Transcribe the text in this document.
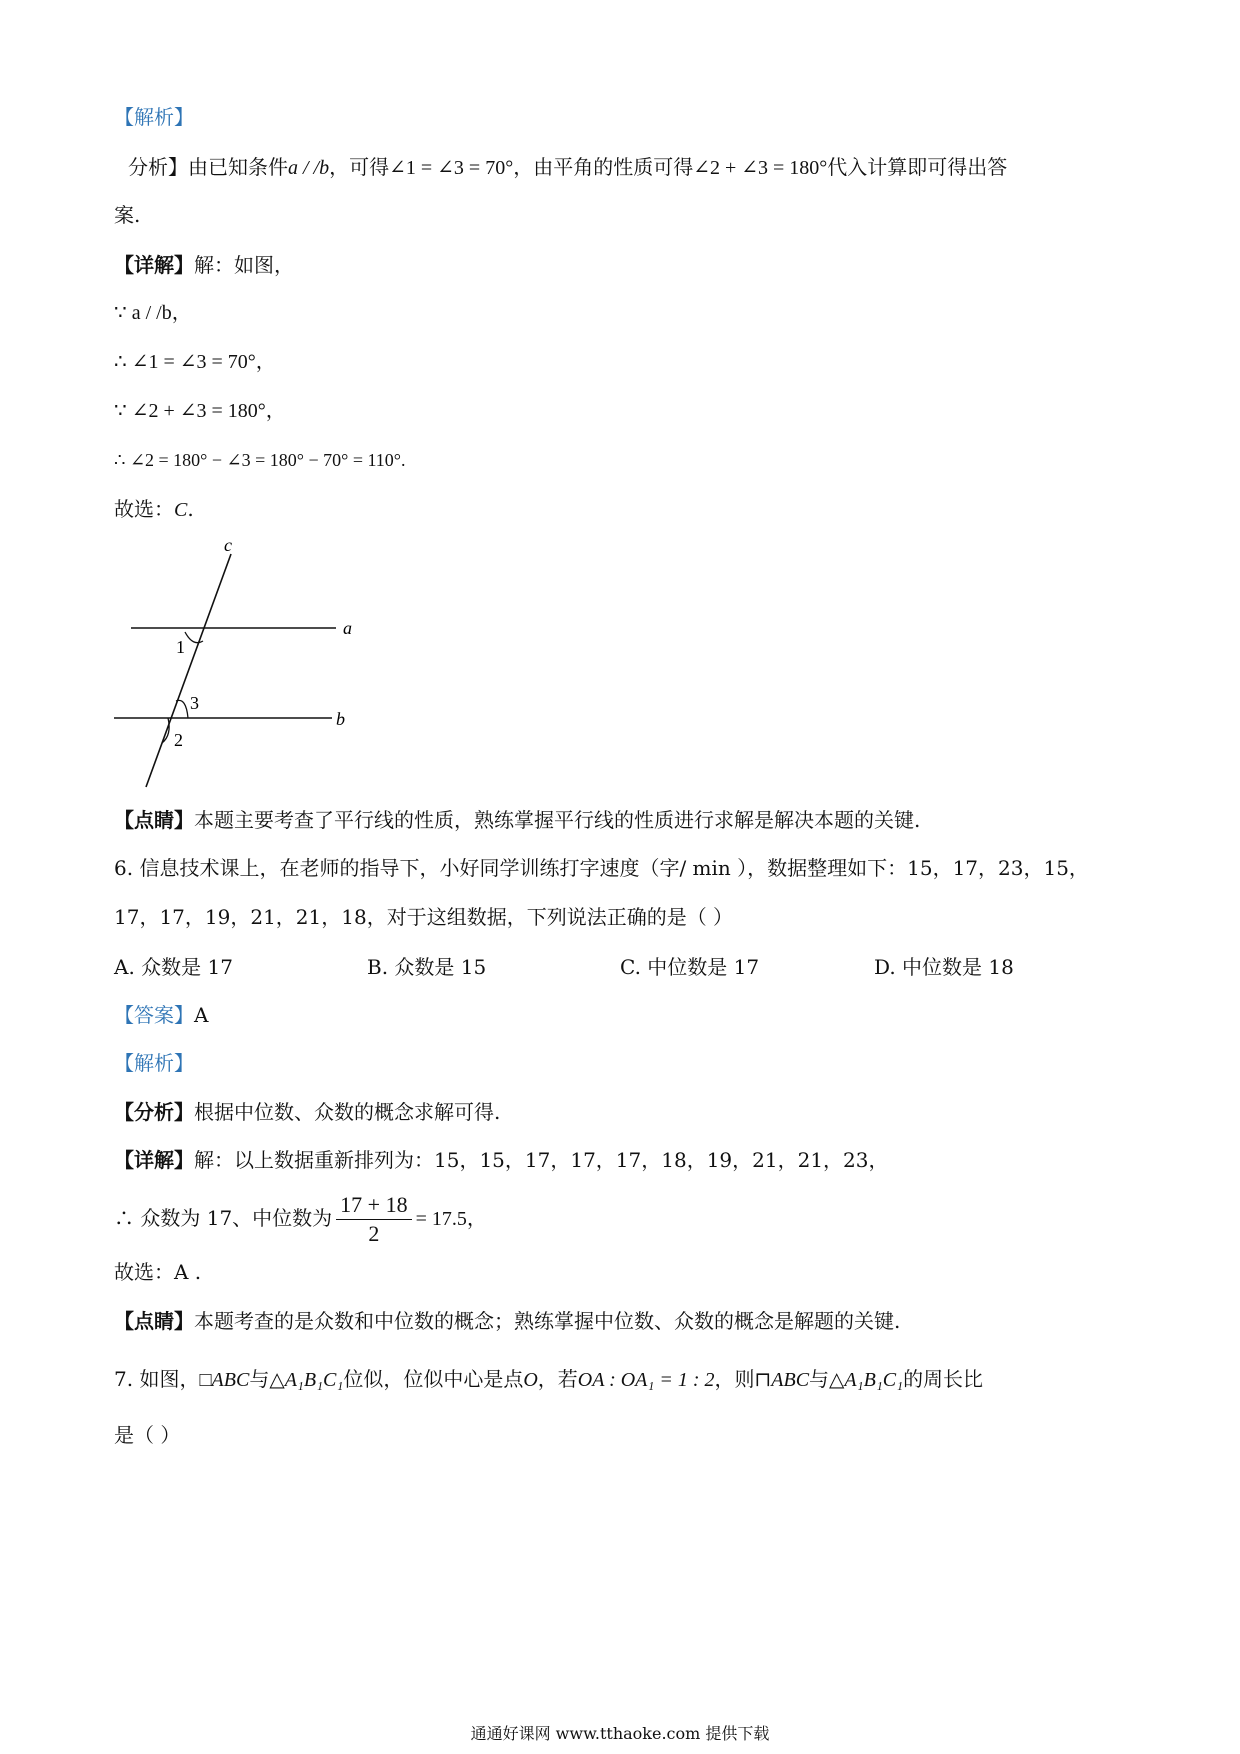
【解析】
分析】由已知条件a / /b，可得∠1 = ∠3 = 70°，由平角的性质可得∠2 + ∠3 = 180°代入计算即可得出答
案.
【详解】解：如图，
∵ a / /b，
∴ ∠1 = ∠3 = 70°，
∵ ∠2 + ∠3 = 180°，
∴ ∠2 = 180° − ∠3 = 180° − 70° = 110°.
故选：C.
c
a
b
1
3
2
【点睛】本题主要考查了平行线的性质，熟练掌握平行线的性质进行求解是解决本题的关键.
6. 信息技术课上，在老师的指导下，小好同学训练打字速度（字/ min ），数据整理如下：15，17，23，15，
17，17，19，21，21，18，对于这组数据，下列说法正确的是（ ）
A. 众数是 17	B. 众数是 15	C. 中位数是 17	D. 中位数是 18
【答案】A
【解析】
【分析】根据中位数、众数的概念求解可得.
【详解】解：以上数据重新排列为：15，15，17，17，17，18，19，21，21，23，
∴ 众数为 17、中位数为 $\frac{17 + 18}{2} = 17.5$，
故选：A .
【点睛】本题考查的是众数和中位数的概念；熟练掌握中位数、众数的概念是解题的关键.
7. 如图，□ABC与△A₁B₁C₁位似，位似中心是点O，若OA : OA₁ = 1 : 2，则⊓ABC与△A₁B₁C₁的周长比
是（ ）
通通好课网 www.tthaoke.com 提供下载
